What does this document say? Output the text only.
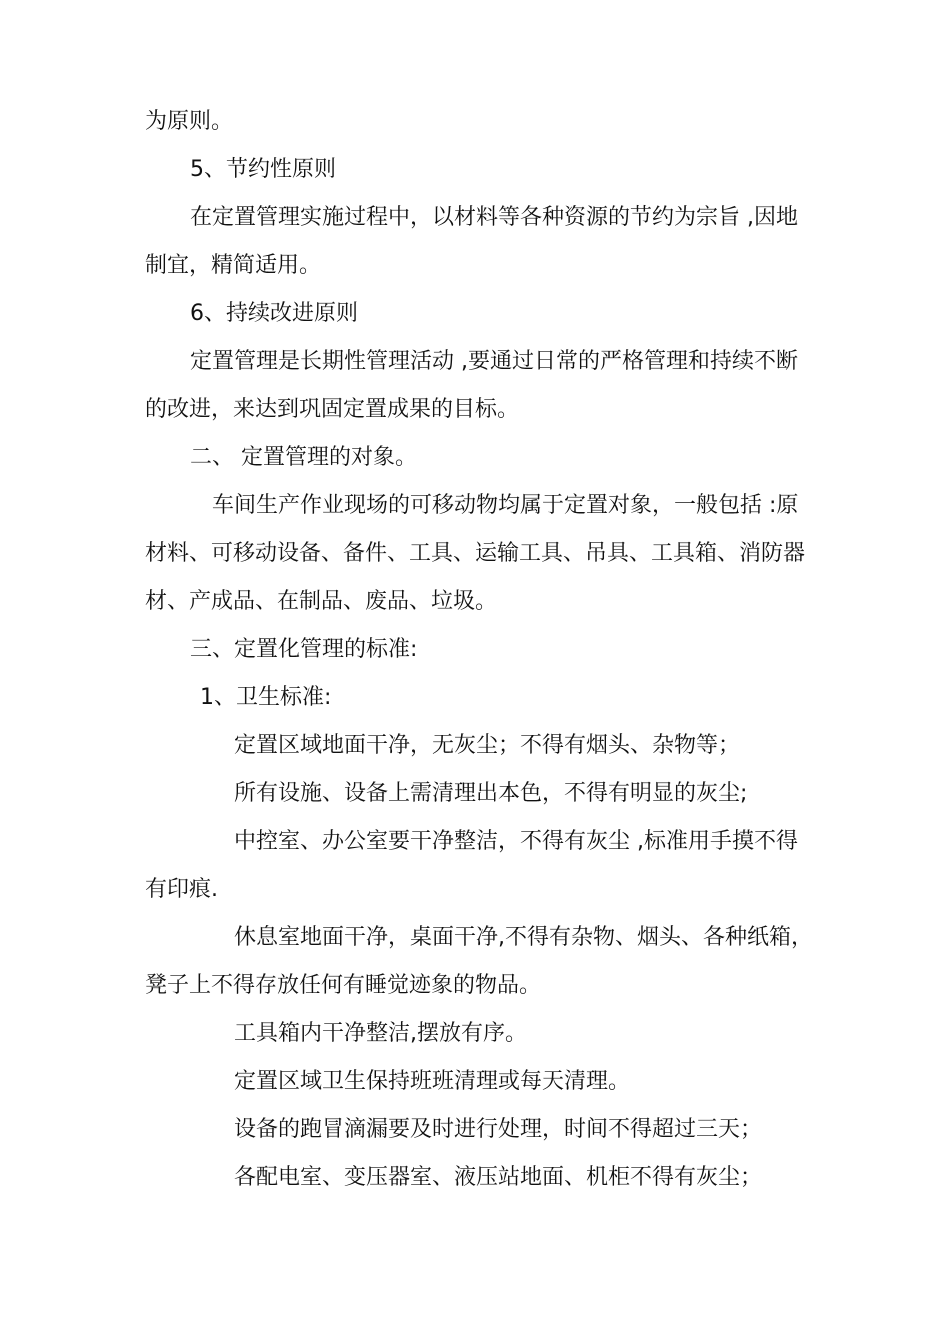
为原则。
5、节约性原则
在定置管理实施过程中，以材料等各种资源的节约为宗旨 ,因地
制宜，精简适用。
6、持续改进原则
定置管理是长期性管理活动 ,要通过日常的严格管理和持续不断
的改进，来达到巩固定置成果的目标。
二、 定置管理的对象。
车间生产作业现场的可移动物均属于定置对象，一般包括 :原
材料、可移动设备、备件、工具、运输工具、吊具、工具箱、消防器
材、产成品、在制品、废品、垃圾。
三、定置化管理的标准:
1、卫生标准:
定置区域地面干净，无灰尘；不得有烟头、杂物等；
所有设施、设备上需清理出本色，不得有明显的灰尘;
中控室、办公室要干净整洁，不得有灰尘 ,标准用手摸不得
有印痕.
休息室地面干净，桌面干净,不得有杂物、烟头、各种纸箱，
凳子上不得存放任何有睡觉迹象的物品。
工具箱内干净整洁,摆放有序。
定置区域卫生保持班班清理或每天清理。
设备的跑冒滴漏要及时进行处理，时间不得超过三天；
各配电室、变压器室、液压站地面、机柜不得有灰尘；
